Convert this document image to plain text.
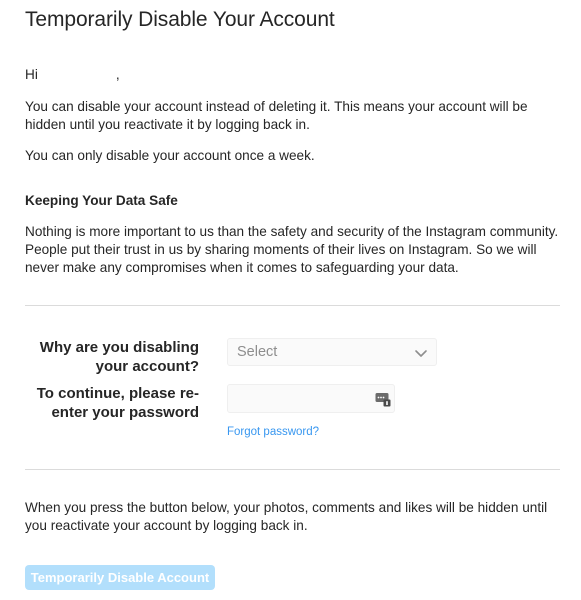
Temporarily Disable Your Account

Hi	,

You can disable your account instead of deleting it. This means your account will be hidden until you reactivate it by logging back in.

You can only disable your account once a week.

Keeping Your Data Safe

Nothing is more important to us than the safety and security of the Instagram community. People put their trust in us by sharing moments of their lives on Instagram. So we will never make any compromises when it comes to safeguarding your data.

Why are you disabling your account?
Select
To continue, please re-enter your password
Forgot password?

When you press the button below, your photos, comments and likes will be hidden until you reactivate your account by logging back in.

Temporarily Disable Account
